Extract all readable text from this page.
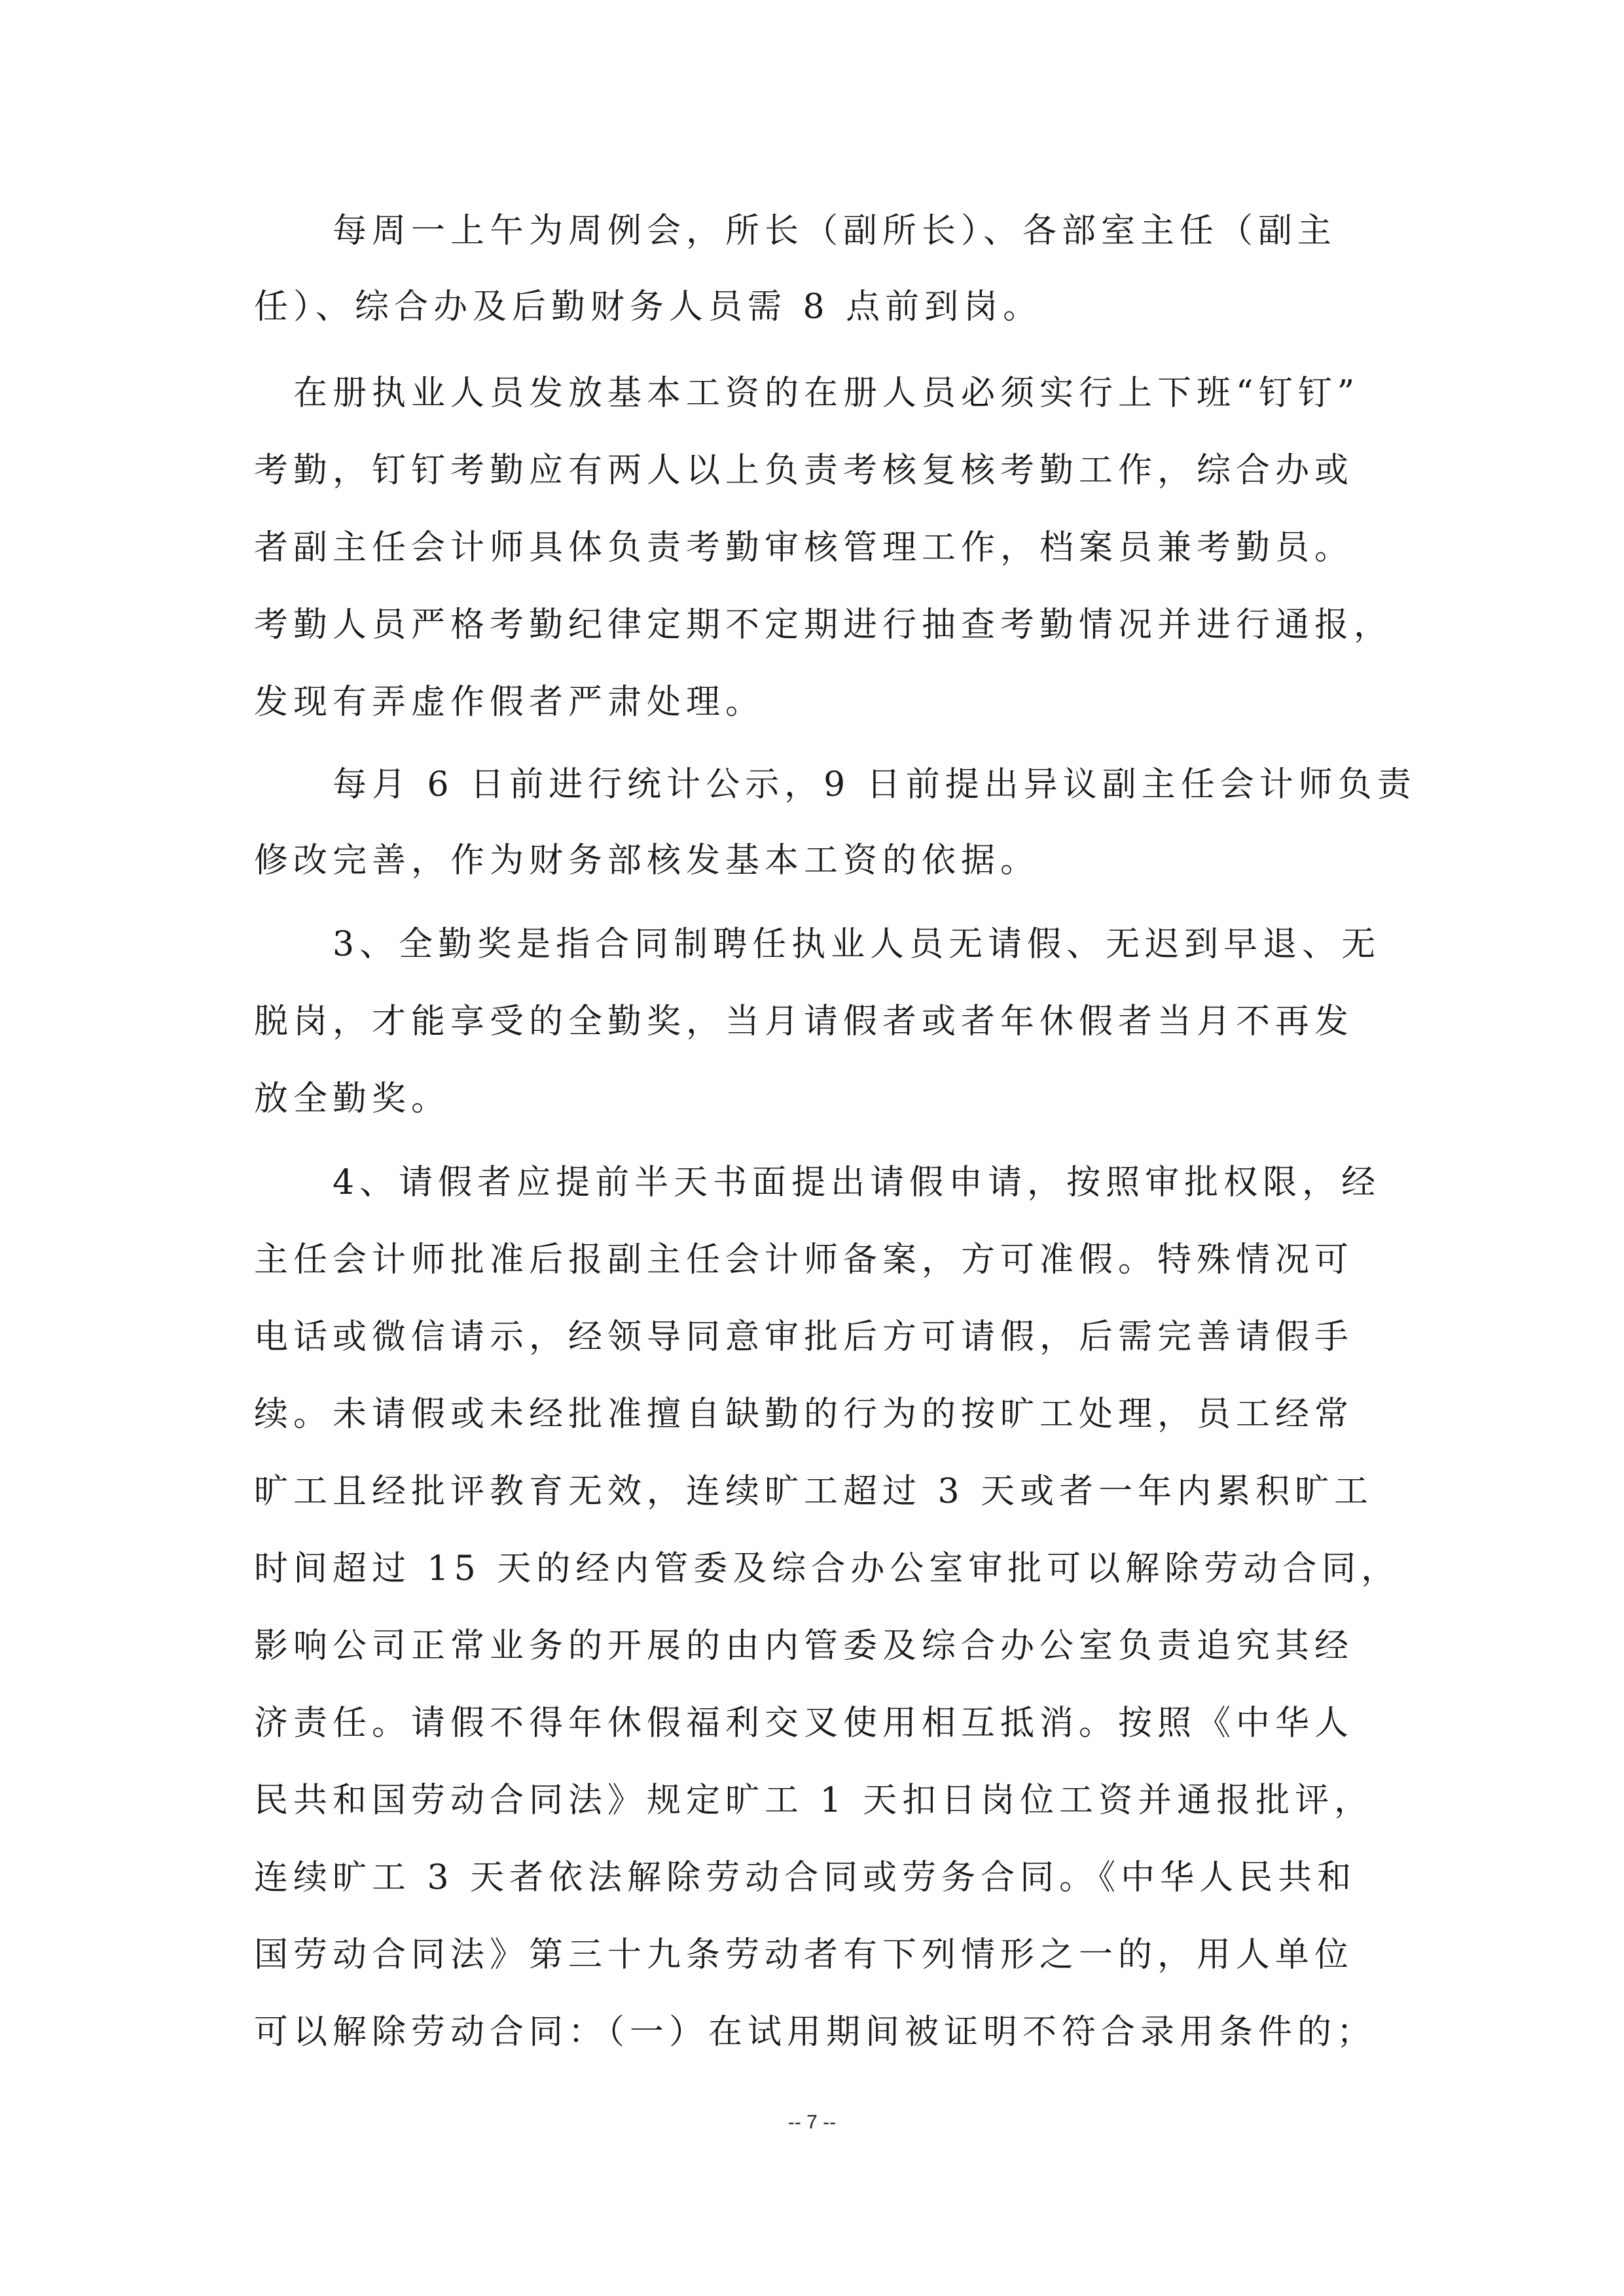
　　每周一上午为周例会，所长（副所长）、各部室主任（副主
任）、综合办及后勤财务人员需 8 点前到岗。
　在册执业人员发放基本工资的在册人员必须实行上下班“钉钉”
考勤，钉钉考勤应有两人以上负责考核复核考勤工作，综合办或
者副主任会计师具体负责考勤审核管理工作，档案员兼考勤员。
考勤人员严格考勤纪律定期不定期进行抽查考勤情况并进行通报，
发现有弄虚作假者严肃处理。
　　每月 6 日前进行统计公示，9 日前提出异议副主任会计师负责
修改完善，作为财务部核发基本工资的依据。
　　3、全勤奖是指合同制聘任执业人员无请假、无迟到早退、无
脱岗，才能享受的全勤奖，当月请假者或者年休假者当月不再发
放全勤奖。
　　4、请假者应提前半天书面提出请假申请，按照审批权限，经
主任会计师批准后报副主任会计师备案，方可准假。特殊情况可
电话或微信请示，经领导同意审批后方可请假，后需完善请假手
续。未请假或未经批准擅自缺勤的行为的按旷工处理，员工经常
旷工且经批评教育无效，连续旷工超过 3 天或者一年内累积旷工
时间超过 15 天的经内管委及综合办公室审批可以解除劳动合同，
影响公司正常业务的开展的由内管委及综合办公室负责追究其经
济责任。请假不得年休假福利交叉使用相互抵消。按照《中华人
民共和国劳动合同法》规定旷工 1 天扣日岗位工资并通报批评，
连续旷工 3 天者依法解除劳动合同或劳务合同。《中华人民共和
国劳动合同法》第三十九条劳动者有下列情形之一的，用人单位
可以解除劳动合同：（一）在试用期间被证明不符合录用条件的；
-- 7 --
